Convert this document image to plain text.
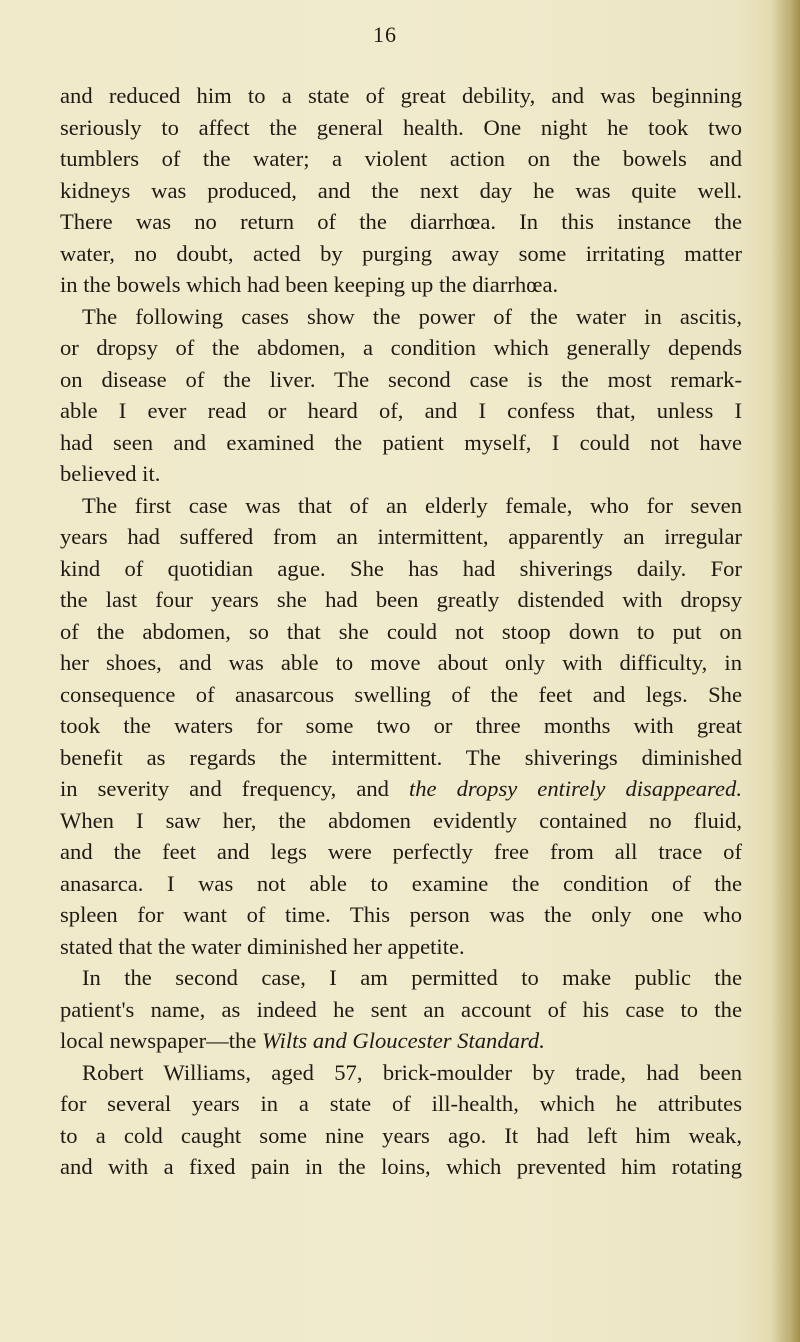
16
and reduced him to a state of great debility, and was beginning
seriously to affect the general health. One night he took two
tumblers of the water; a violent action on the bowels and
kidneys was produced, and the next day he was quite well.
There was no return of the diarrhœa. In this instance the
water, no doubt, acted by purging away some irritating matter
in the bowels which had been keeping up the diarrhœa.
The following cases show the power of the water in ascitis,
or dropsy of the abdomen, a condition which generally depends
on disease of the liver. The second case is the most remark-
able I ever read or heard of, and I confess that, unless I
had seen and examined the patient myself, I could not have
believed it.
The first case was that of an elderly female, who for seven
years had suffered from an intermittent, apparently an irregular
kind of quotidian ague. She has had shiverings daily. For
the last four years she had been greatly distended with dropsy
of the abdomen, so that she could not stoop down to put on
her shoes, and was able to move about only with difficulty, in
consequence of anasarcous swelling of the feet and legs. She
took the waters for some two or three months with great
benefit as regards the intermittent. The shiverings diminished
in severity and frequency, and the dropsy entirely disappeared.
When I saw her, the abdomen evidently contained no fluid,
and the feet and legs were perfectly free from all trace of
anasarca. I was not able to examine the condition of the
spleen for want of time. This person was the only one who
stated that the water diminished her appetite.
In the second case, I am permitted to make public the
patient's name, as indeed he sent an account of his case to the
local newspaper—the Wilts and Gloucester Standard.
Robert Williams, aged 57, brick-moulder by trade, had been
for several years in a state of ill-health, which he attributes
to a cold caught some nine years ago. It had left him weak,
and with a fixed pain in the loins, which prevented him rotating
